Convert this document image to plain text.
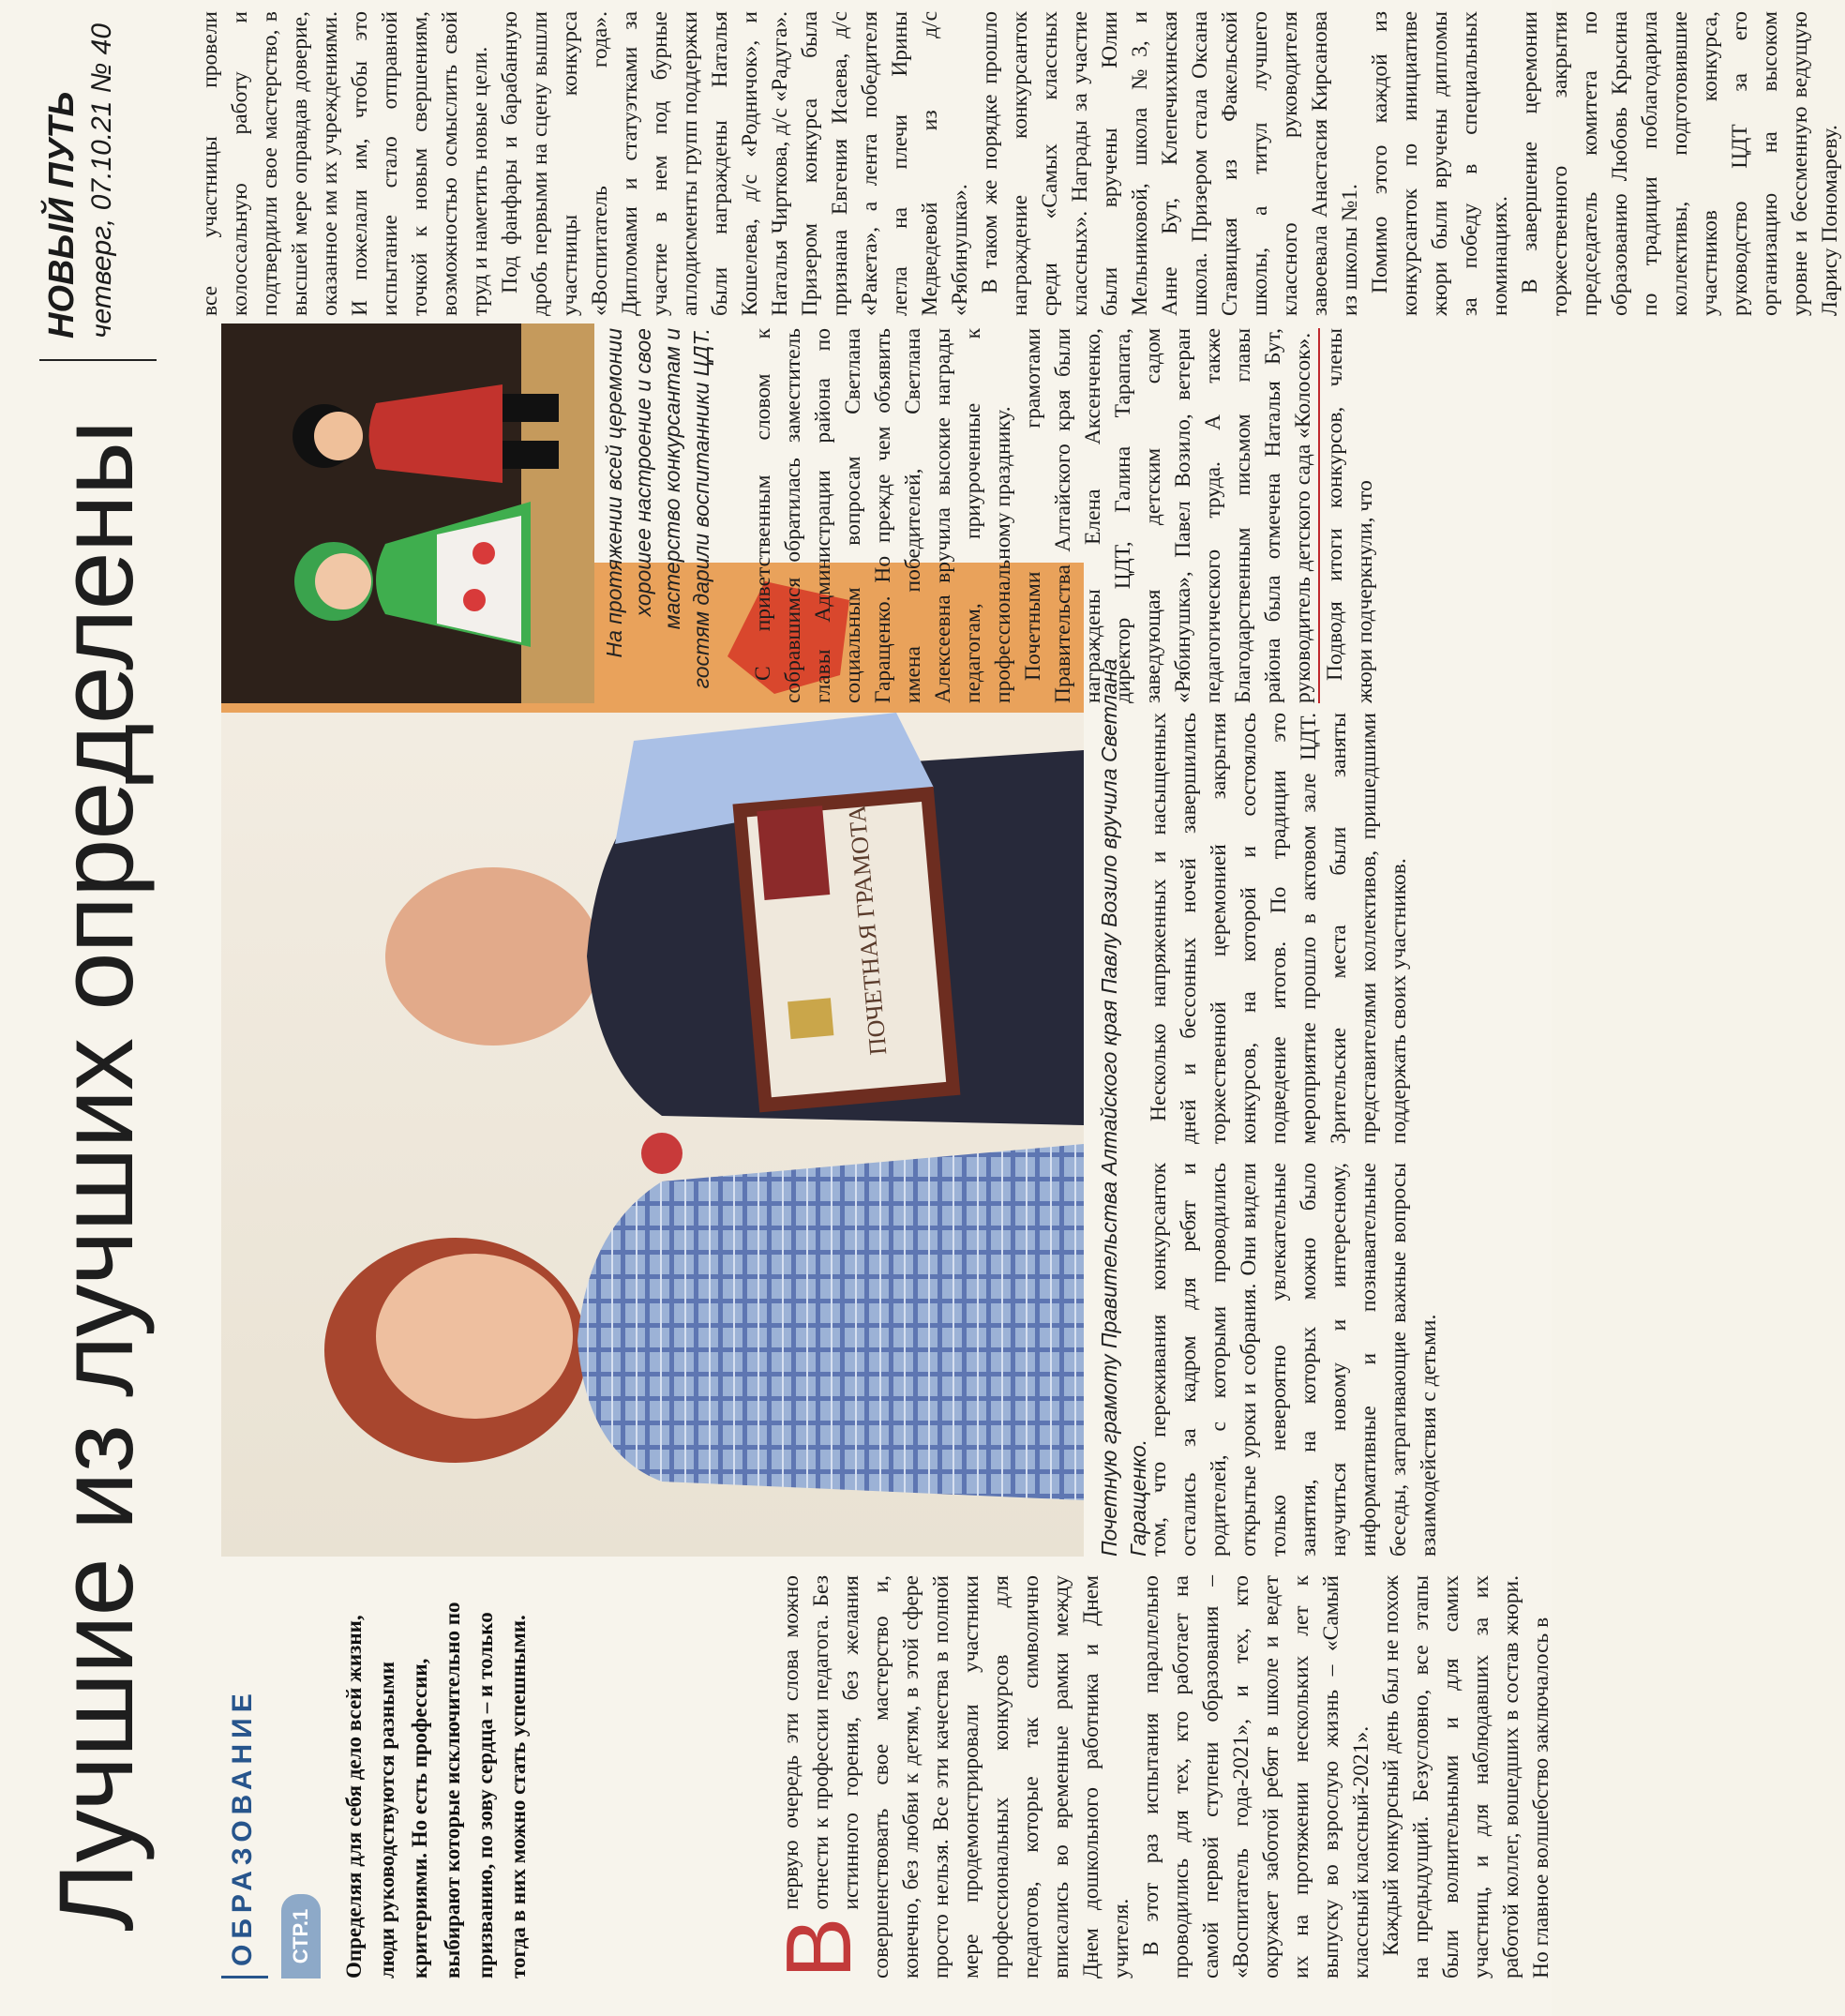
Лучшие из лучших определены
НОВЫЙ ПУТЬ четверг, 07.10.21 № 40
ОБРАЗОВАНИЕ	СТР.1	Определяя для себя дело всей жизни, люди руководствуются разными критериями. Но есть профессии, выбирают которые исключительно по призванию, по зову сердца – и только тогда в них можно стать успешными.
ПОЧЕТНАЯ ГРАМОТА	Почетную грамоту Правительства Алтайского края Павлу Возило вручила Светлана Гаращенко.
На протяжении всей церемонии хорошее настроение и свое мастерство конкурсантам и гостям дарили воспитанники ЦДТ.
В

первую очередь эти слова можно отнести к профессии педагога. Без истинного горения, без желания совершенствовать свое мастерство и, конечно, без любви к детям, в этой сфере просто нельзя. Все эти качества в полной мере продемонстрировали участники профессиональных конкурсов для педагогов, которые так символично вписались во временные рамки между Днем дошкольного работника и Днем учителя. В этот раз испытания параллельно проводились для тех, кто работает на самой первой ступени образования – «Воспитатель года-2021», и тех, кто окружает заботой ребят в школе и ведет их на протяжении нескольких лет к выпуску во взрослую жизнь – «Самый классный классный-2021». Каждый конкурсный день был не похож на предыдущий. Безусловно, все этапы были волнительными и для самих участниц, и для наблюдавших за их работой коллег, вошедших в состав жюри. Но главное волшебство заключалось в

том, что переживания конкурсанток остались за кадром для ребят и родителей, с которыми проводились открытые уроки и собрания. Они видели только невероятно увлекательные занятия, на которых можно было научиться новому и интересному, информативные и познавательные беседы, затрагивающие важные вопросы взаимодействия с детьми.

Несколько напряженных и насыщенных дней и бессонных ночей завершились торжественной церемонией закрытия конкурсов, на которой и состоялось подведение итогов. По традиции это мероприятие прошло в актовом зале ЦДТ. Зрительские места были заняты представителями коллективов, пришедшими поддержать своих участников.

С приветственным словом к собравшимся обратилась заместитель главы Администрации района по социальным вопросам Светлана Гаращенко. Но прежде чем объявить имена победителей, Светлана Алексеевна вручила высокие награды педагогам, приуроченные к профессиональному празднику. Почетными грамотами Правительства Алтайского края были награждены Елена Аксенченко, директор ЦДТ, Галина Тарапата, заведующая детским садом «Рябинушка», Павел Возило, ветеран педагогического труда. А также Благодарственным письмом главы района была отмечена Наталья Бут, руководитель детского сада «Колосок». Подводя итоги конкурсов, члены жюри подчеркнули, что

все участницы провели колоссальную работу и подтвердили свое мастерство, в высшей мере оправдав доверие, оказанное им их учреждениями. И пожелали им, чтобы это испытание стало отправной точкой к новым свершениям, возможностью осмыслить свой труд и наметить новые цели. Под фанфары и барабанную дробь первыми на сцену вышли участницы конкурса «Воспитатель года». Дипломами и статуэтками за участие в нем под бурные аплодисменты групп поддержки были награждены Наталья Кошелева, д/с «Родничок», и Наталья Чирткова, д/с «Радуга». Призером конкурса была признана Евгения Исаева, д/с «Ракета», а лента победителя легла на плечи Ирины Медведевой из д/с «Рябинушка». В таком же порядке прошло награждение конкурсанток среди «Самых классных классных». Награды за участие были вручены Юлии Мельниковой, школа №3, и Анне Бут, Клепечихинская школа. Призером стала Оксана Ставицкая из Факельской школы, а титул лучшего классного руководителя завоевала Анастасия Кирсанова из школы №1. Помимо этого каждой из конкурсанток по инициативе жюри были вручены дипломы за победу в специальных номинациях. В завершение церемонии торжественного закрытия председатель комитета по образованию Любовь Крысина по традиции поблагодарила коллективы, подготовившие участников конкурса, руководство ЦДТ за его организацию на высоком уровне и бессменную ведущую Ларису Пономареву.
